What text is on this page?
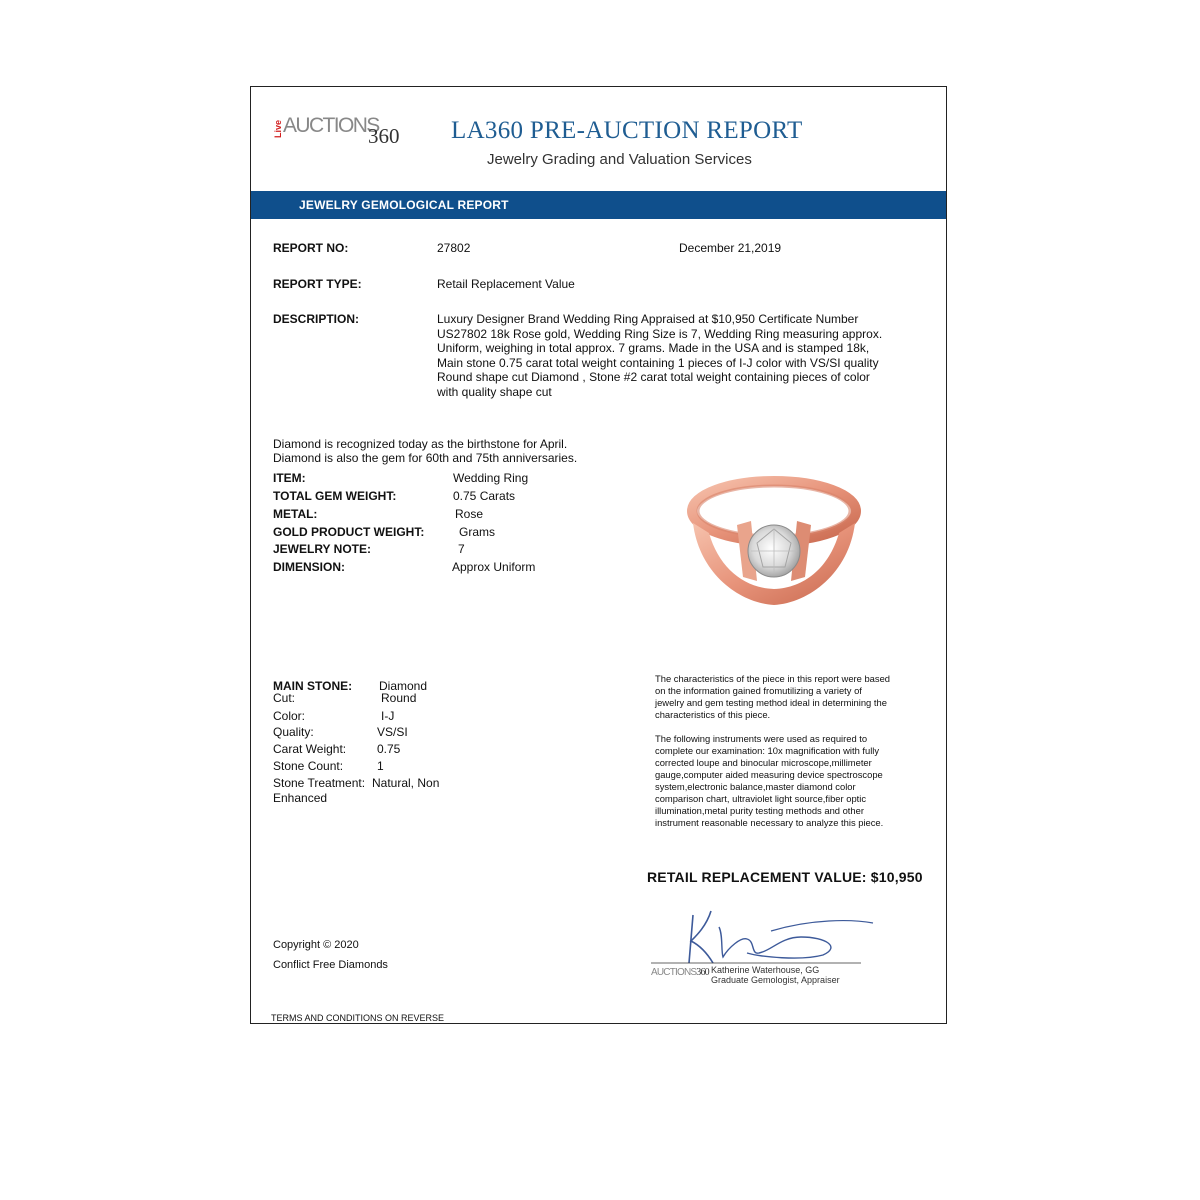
Live AUCTIONS
360 LA360 PRE-AUCTION REPORT
Jewelry Grading and Valuation Services
JEWELRY GEMOLOGICAL REPORT
REPORT NO:	27802	December 21,2019
REPORT TYPE:	Retail Replacement Value
DESCRIPTION:	Luxury Designer Brand Wedding Ring Appraised at $10,950 Certificate Number
US27802 18k Rose gold, Wedding Ring Size is 7, Wedding Ring measuring approx.
Uniform, weighing in total approx. 7 grams. Made in the USA and is stamped 18k,
Main stone 0.75 carat total weight containing 1 pieces of I-J color with VS/SI quality
Round shape cut Diamond , Stone #2 carat total weight containing pieces of color
with quality shape cut
Diamond is recognized today as the birthstone for April.
Diamond is also the gem for 60th and 75th anniversaries.
ITEM:	Wedding Ring
TOTAL GEM WEIGHT:	0.75 Carats
METAL:	Rose
GOLD PRODUCT WEIGHT:	Grams
JEWELRY NOTE:	7
DIMENSION:	Approx Uniform
MAIN STONE: Diamond
Cut:	Round
Color:	I-J
Quality:	VS/SI
Carat Weight:	0.75
Stone Count:	1
Stone Treatment: Natural, Non
Enhanced
The characteristics of the piece in this report were based
on the information gained fromutilizing a variety of
jewelry and gem testing method ideal in determining the
characteristics of this piece.
The following instruments were used as required to
complete our examination: 10x magnification with fully
corrected loupe and binocular microscope,millimeter
gauge,computer aided measuring device spectroscope
system,electronic balance,master diamond color
comparison chart, ultraviolet light source,fiber optic
illumination,metal purity testing methods and other
instrument reasonable necessary to analyze this piece.
RETAIL REPLACEMENT VALUE: $10,950
AUCTIONS360 Katherine Waterhouse, GG
Graduate Gemologist, Appraiser
Copyright © 2020
Conflict Free Diamonds
TERMS AND CONDITIONS ON REVERSE
